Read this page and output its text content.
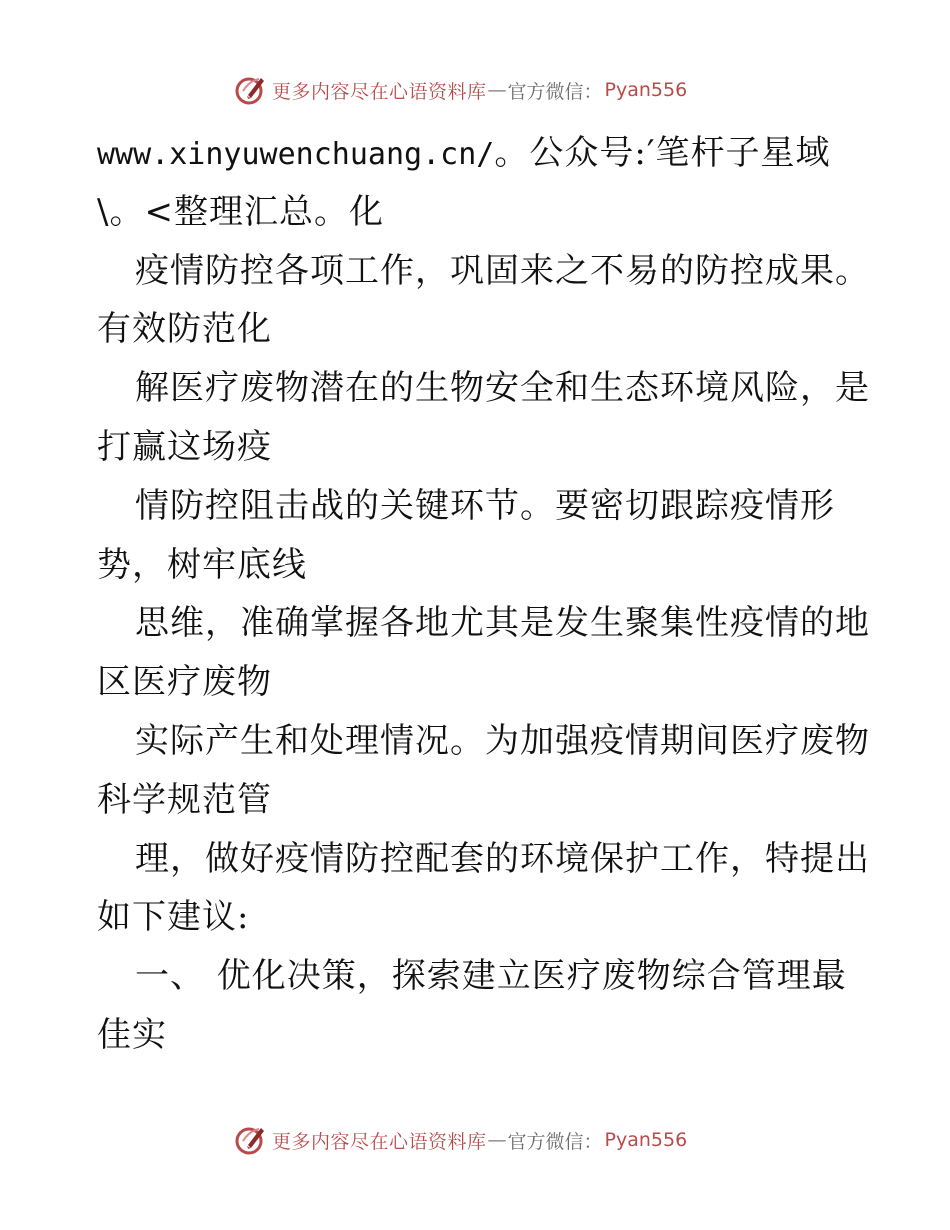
更多内容尽在心语资料库 — 官方微信： Pyan556
www.xinyuwenchuang.cn/。公众号:′笔杆子星域
\。<整理汇总。化
疫情防控各项工作，巩固来之不易的防控成果。
有效防范化
解医疗废物潜在的生物安全和生态环境风险，是
打赢这场疫
情防控阻击战的关键环节。要密切跟踪疫情形
势，树牢底线
思维，准确掌握各地尤其是发生聚集性疫情的地
区医疗废物
实际产生和处理情况。为加强疫情期间医疗废物
科学规范管
理，做好疫情防控配套的环境保护工作，特提出
如下建议:
一、 优化决策，探索建立医疗废物综合管理最
佳实
更多内容尽在心语资料库 — 官方微信： Pyan556
